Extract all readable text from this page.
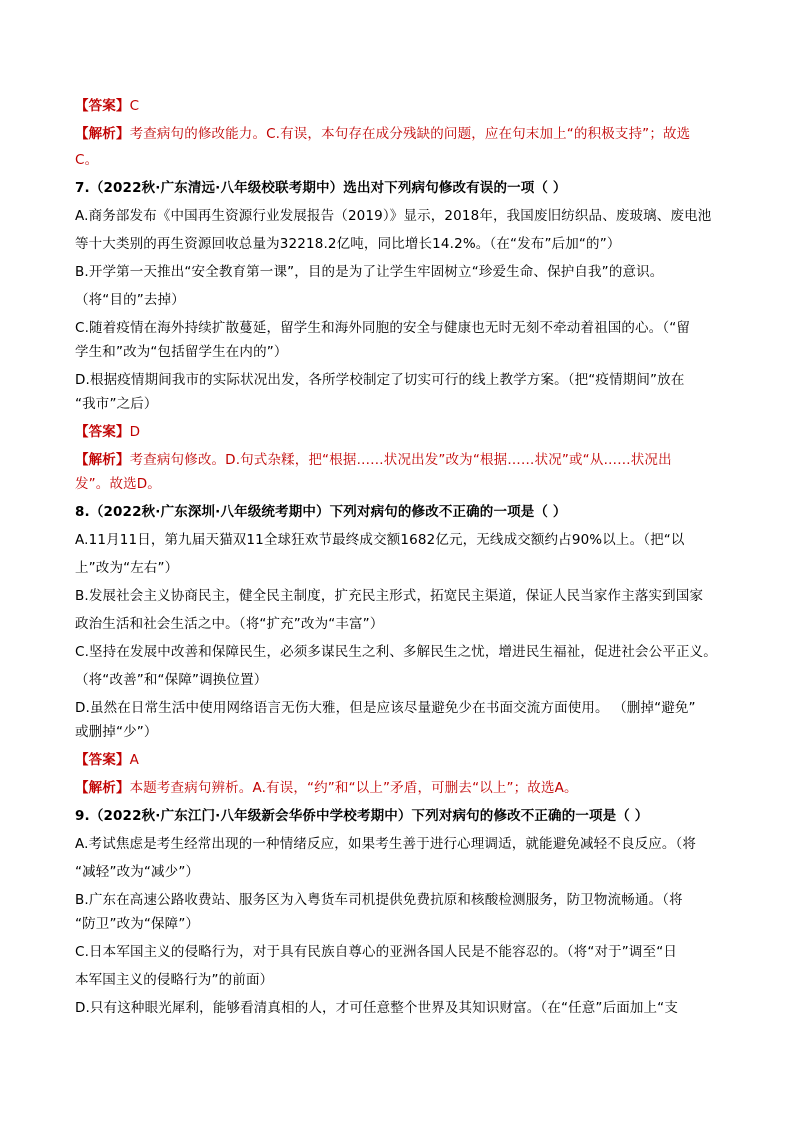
【答案】C
【解析】考查病句的修改能力。C.有误，本句存在成分残缺的问题，应在句末加上“的积极支持”；故选
C。
7.（2022秋·广东清远·八年级校联考期中）选出对下列病句修改有误的一项（ ）
A.商务部发布《中国再生资源行业发展报告（2019）》显示，2018年，我国废旧纺织品、废玻璃、废电池
等十大类别的再生资源回收总量为32218.2亿吨，同比增长14.2%。（在“发布”后加“的”）
B.开学第一天推出“安全教育第一课”，目的是为了让学生牢固树立“珍爱生命、保护自我”的意识。
（将“目的”去掉）
C.随着疫情在海外持续扩散蔓延，留学生和海外同胞的安全与健康也无时无刻不牵动着祖国的心。（“留
学生和”改为“包括留学生在内的”）
D.根据疫情期间我市的实际状况出发，各所学校制定了切实可行的线上教学方案。（把“疫情期间”放在
“我市”之后）
【答案】D
【解析】考查病句修改。D.句式杂糅，把“根据……状况出发”改为“根据……状况”或“从……状况出
发”。故选D。
8.（2022秋·广东深圳·八年级统考期中）下列对病句的修改不正确的一项是（ ）
A.11月11日，第九届天猫双11全球狂欢节最终成交额1682亿元，无线成交额约占90%以上。（把“以
上”改为“左右”）
B.发展社会主义协商民主，健全民主制度，扩充民主形式，拓宽民主渠道，保证人民当家作主落实到国家
政治生活和社会生活之中。（将“扩充”改为“丰富”）
C.坚持在发展中改善和保障民生，必须多谋民生之利、多解民生之忧，增进民生福祉，促进社会公平正义。
（将“改善”和“保障”调换位置）
D.虽然在日常生活中使用网络语言无伤大雅，但是应该尽量避免少在书面交流方面使用。 （删掉“避免”
或删掉“少”）
【答案】A
【解析】本题考查病句辨析。A.有误，“约”和“以上”矛盾，可删去“以上”；故选A。
9.（2022秋·广东江门·八年级新会华侨中学校考期中）下列对病句的修改不正确的一项是（ ）
A.考试焦虑是考生经常出现的一种情绪反应，如果考生善于进行心理调适，就能避免减轻不良反应。（将
“减轻”改为“减少”）
B.广东在高速公路收费站、服务区为入粤货车司机提供免费抗原和核酸检测服务，防卫物流畅通。（将
“防卫”改为“保障”）
C.日本军国主义的侵略行为，对于具有民族自尊心的亚洲各国人民是不能容忍的。（将“对于”调至“日
本军国主义的侵略行为”的前面）
D.只有这种眼光犀利，能够看清真相的人，才可任意整个世界及其知识财富。（在“任意”后面加上“支
